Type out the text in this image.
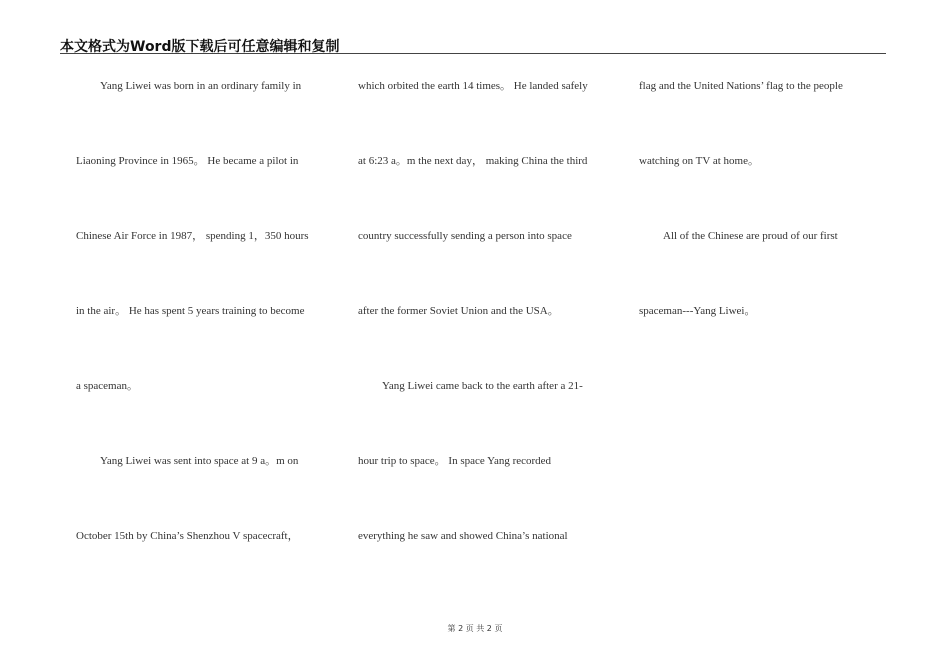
本文格式为Word版下载后可任意编辑和复制
Yang Liwei was born in an ordinary family in
Liaoning Province in 1965。 He became a pilot in
Chinese Air Force in 1987， spending 1，350 hours
in the air。 He has spent 5 years training to become
a spaceman。
Yang Liwei was sent into space at 9 a。m on
October 15th by China’s Shenzhou V spacecraft，
which orbited the earth 14 times。 He landed safely
at 6:23 a。m the next day， making China the third
country successfully sending a person into space
after the former Soviet Union and the USA。
Yang Liwei came back to the earth after a 21-
hour trip to space。 In space Yang recorded
everything he saw and showed China’s national
flag and the United Nations’ flag to the people
watching on TV at home。
All of the Chinese are proud of our first
spaceman---Yang Liwei。
第 2 页 共 2 页
